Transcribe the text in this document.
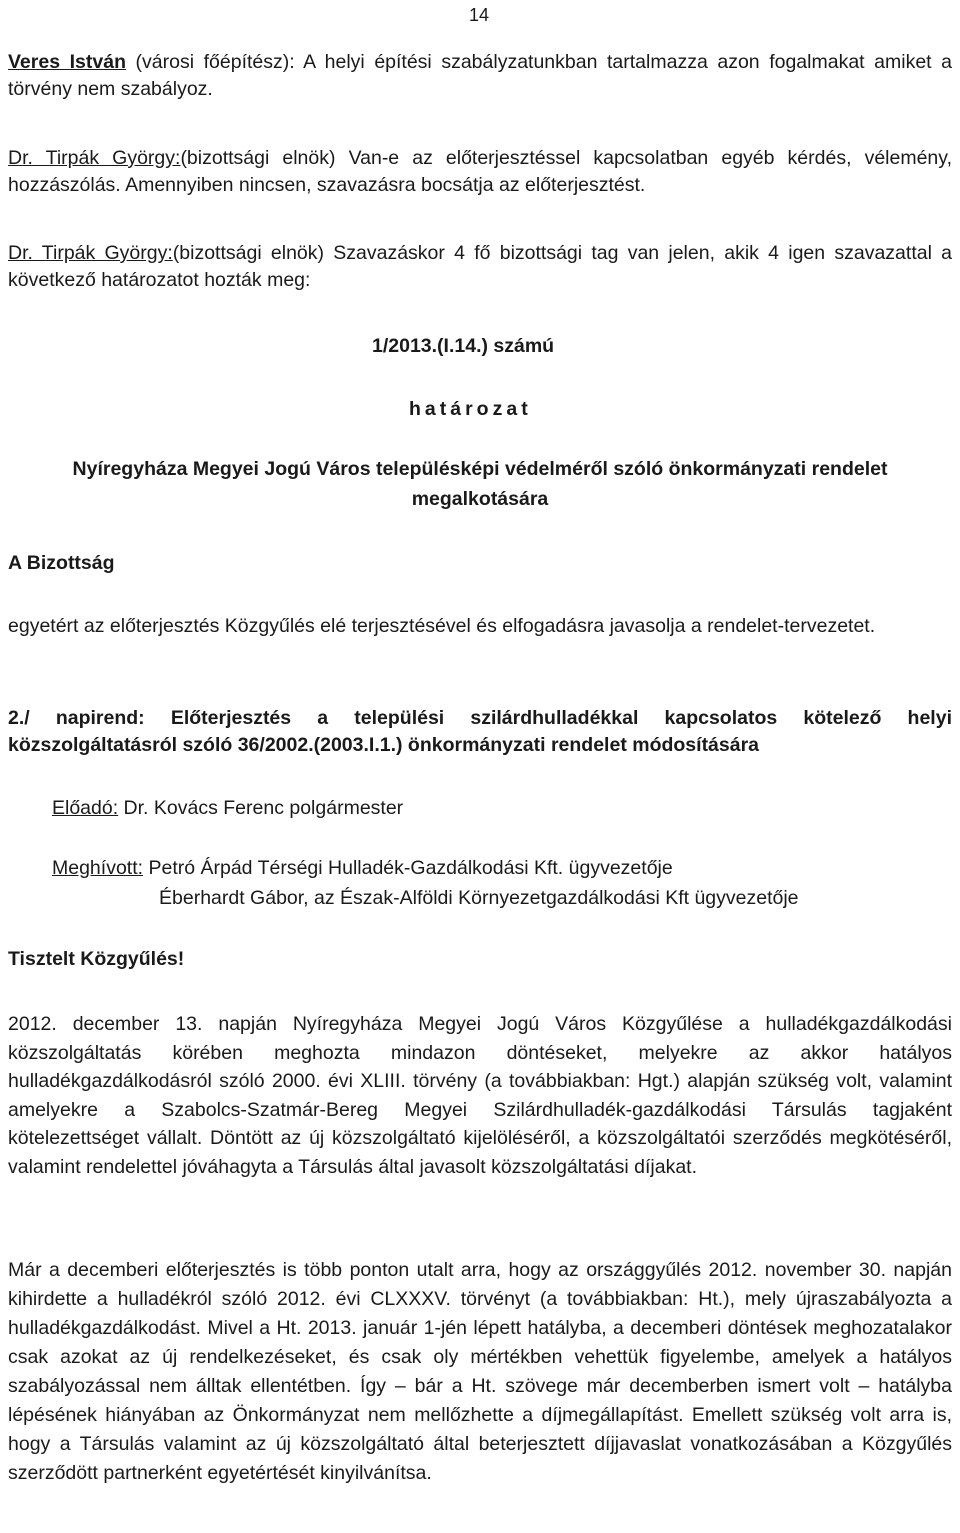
14

Veres István (városi főépítész): A helyi építési szabályzatunkban tartalmazza azon fogalmakat amiket a törvény nem szabályoz.

Dr. Tirpák György:(bizottsági elnök) Van-e az előterjesztéssel kapcsolatban egyéb kérdés, vélemény, hozzászólás. Amennyiben nincsen, szavazásra bocsátja az előterjesztést.

Dr. Tirpák György:(bizottsági elnök) Szavazáskor 4 fő bizottsági tag van jelen, akik 4 igen szavazattal a következő határozatot hozták meg:

1/2013.(I.14.) számú
határozat
Nyíregyháza Megyei Jogú Város településképi védelméről szóló önkormányzati rendelet
megalkotására
A Bizottság

egyetért az előterjesztés Közgyűlés elé terjesztésével és elfogadásra javasolja a rendelet-tervezetet.

2./ napirend: Előterjesztés a települési szilárdhulladékkal kapcsolatos kötelező helyi közszolgáltatásról szóló 36/2002.(2003.I.1.) önkormányzati rendelet módosítására

Előadó: Dr. Kovács Ferenc polgármester
Meghívott: Petró Árpád Térségi Hulladék-Gazdálkodási Kft. ügyvezetője
Éberhardt Gábor, az Észak-Alföldi Környezetgazdálkodási Kft ügyvezetője
Tisztelt Közgyűlés!

2012. december 13. napján Nyíregyháza Megyei Jogú Város Közgyűlése a hulladékgazdálkodási közszolgáltatás körében meghozta mindazon döntéseket, melyekre az akkor hatályos hulladékgazdálkodásról szóló 2000. évi XLIII. törvény (a továbbiakban: Hgt.) alapján szükség volt, valamint amelyekre a Szabolcs-Szatmár-Bereg Megyei Szilárdhulladék-gazdálkodási Társulás tagjaként kötelezettséget vállalt. Döntött az új közszolgáltató kijelöléséről, a közszolgáltatói szerződés megkötéséről, valamint rendelettel jóváhagyta a Társulás által javasolt közszolgáltatási díjakat.

Már a decemberi előterjesztés is több ponton utalt arra, hogy az országgyűlés 2012. november 30. napján kihirdette a hulladékról szóló 2012. évi CLXXXV. törvényt (a továbbiakban: Ht.), mely újraszabályozta a hulladékgazdálkodást. Mivel a Ht. 2013. január 1-jén lépett hatályba, a decemberi döntések meghozatalakor csak azokat az új rendelkezéseket, és csak oly mértékben vehettük figyelembe, amelyek a hatályos szabályozással nem álltak ellentétben. Így – bár a Ht. szövege már decemberben ismert volt – hatályba lépésének hiányában az Önkormányzat nem mellőzhette a díjmegállapítást. Emellett szükség volt arra is, hogy a Társulás valamint az új közszolgáltató által beterjesztett díjjavaslat vonatkozásában a Közgyűlés szerződött partnerként egyetértését kinyilvánítsa.
